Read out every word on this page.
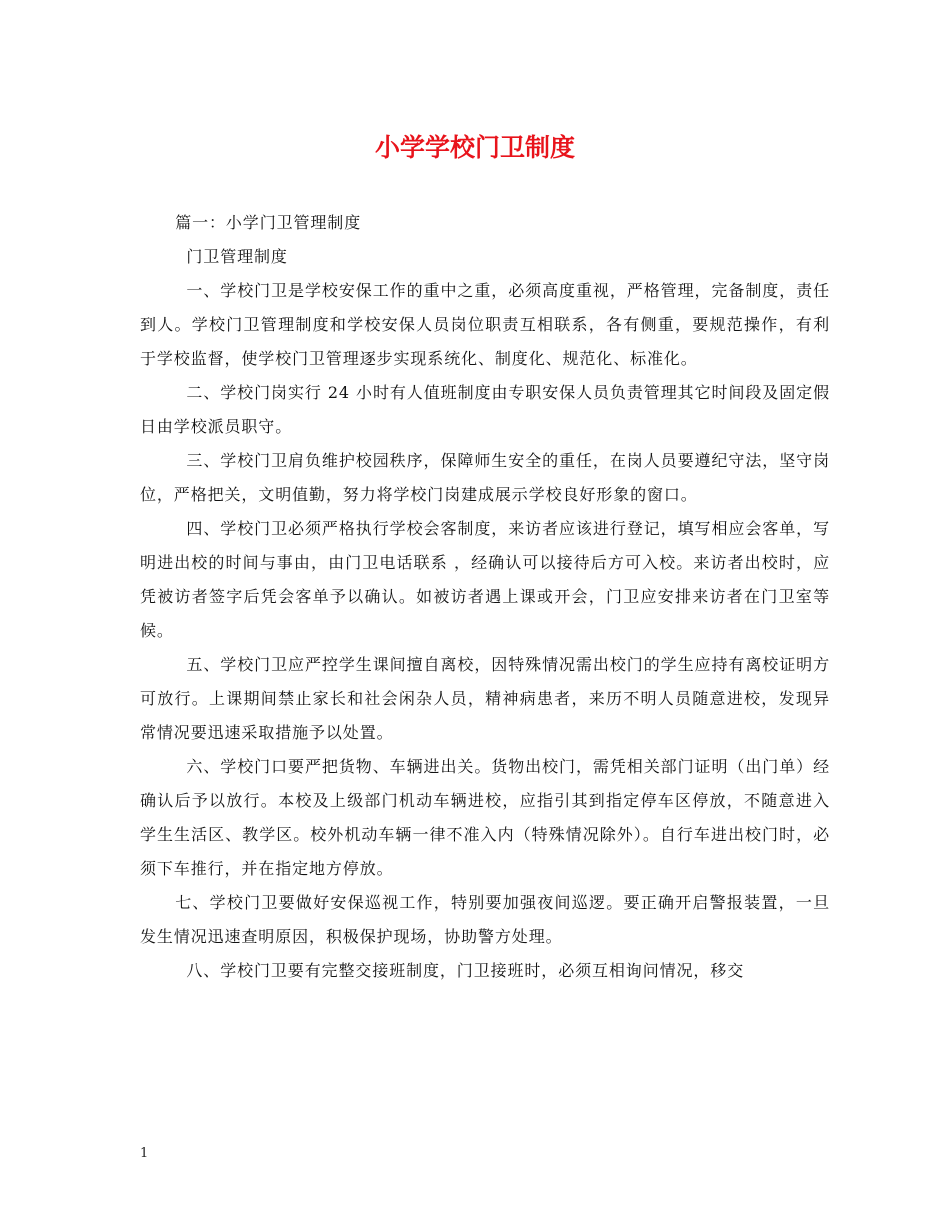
小学学校门卫制度

篇一：小学门卫管理制度

门卫管理制度

一、学校门卫是学校安保工作的重中之重，必须高度重视，严格管理，完备制度，责任到人。学校门卫管理制度和学校安保人员岗位职责互相联系，各有侧重，要规范操作，有利于学校监督，使学校门卫管理逐步实现系统化、制度化、规范化、标准化。

二、学校门岗实行 24 小时有人值班制度由专职安保人员负责管理其它时间段及固定假日由学校派员职守。

三、学校门卫肩负维护校园秩序，保障师生安全的重任，在岗人员要遵纪守法，坚守岗位，严格把关，文明值勤，努力将学校门岗建成展示学校良好形象的窗口。

四、学校门卫必须严格执行学校会客制度，来访者应该进行登记，填写相应会客单，写明进出校的时间与事由，由门卫电话联系 ，经确认可以接待后方可入校。来访者出校时，应凭被访者签字后凭会客单予以确认。如被访者遇上课或开会，门卫应安排来访者在门卫室等候。

五、学校门卫应严控学生课间擅自离校，因特殊情况需出校门的学生应持有离校证明方可放行。上课期间禁止家长和社会闲杂人员，精神病患者，来历不明人员随意进校，发现异常情况要迅速采取措施予以处置。

六、学校门口要严把货物、车辆进出关。货物出校门，需凭相关部门证明（出门单）经确认后予以放行。本校及上级部门机动车辆进校，应指引其到指定停车区停放，不随意进入学生生活区、教学区。校外机动车辆一律不准入内（特殊情况除外）。自行车进出校门时，必须下车推行，并在指定地方停放。

七、学校门卫要做好安保巡视工作，特别要加强夜间巡逻。要正确开启警报装置，一旦发生情况迅速查明原因，积极保护现场，协助警方处理。

八、学校门卫要有完整交接班制度，门卫接班时，必须互相询问情况，移交

1
